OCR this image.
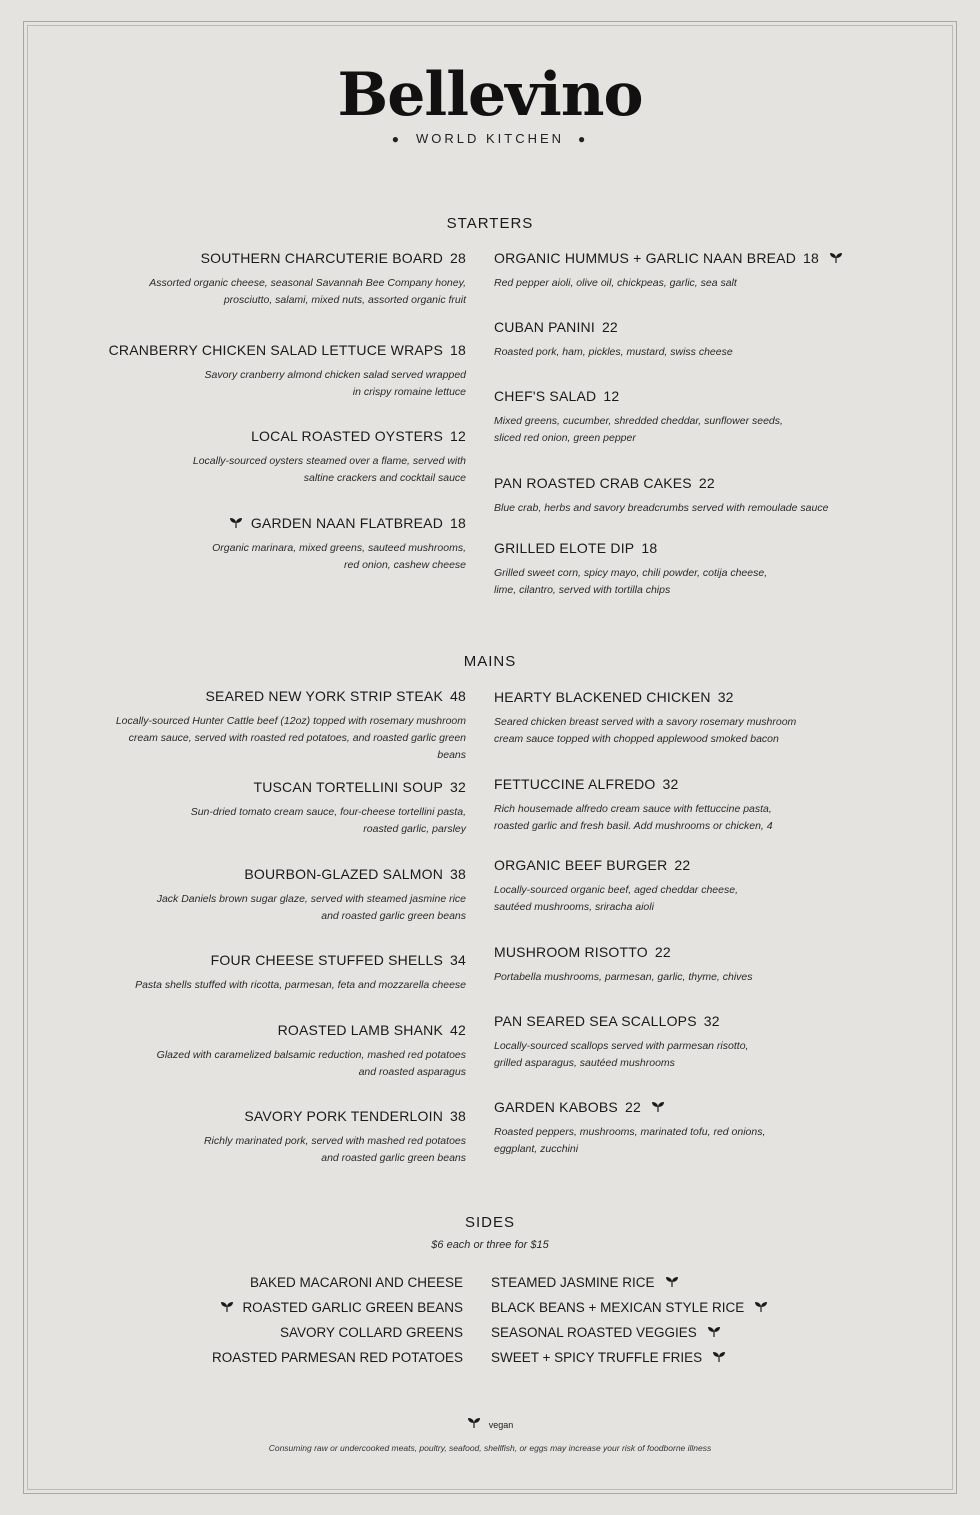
Bellevino
● WORLD KITCHEN ●
STARTERS
SOUTHERN CHARCUTERIE BOARD 28
Assorted organic cheese, seasonal Savannah Bee Company honey,
prosciutto, salami, mixed nuts, assorted organic fruit
CRANBERRY CHICKEN SALAD LETTUCE WRAPS 18
Savory cranberry almond chicken salad served wrapped
in crispy romaine lettuce
LOCAL ROASTED OYSTERS 12
Locally-sourced oysters steamed over a flame, served with
saltine crackers and cocktail sauce
GARDEN NAAN FLATBREAD 18
Organic marinara, mixed greens, sauteed mushrooms,
red onion, cashew cheese
ORGANIC HUMMUS + GARLIC NAAN BREAD 18
Red pepper aioli, olive oil, chickpeas, garlic, sea salt
CUBAN PANINI 22
Roasted pork, ham, pickles, mustard, swiss cheese
CHEF'S SALAD 12
Mixed greens, cucumber, shredded cheddar, sunflower seeds,
sliced red onion, green pepper
PAN ROASTED CRAB CAKES 22
Blue crab, herbs and savory breadcrumbs served with remoulade sauce
GRILLED ELOTE DIP 18
Grilled sweet corn, spicy mayo, chili powder, cotija cheese,
lime, cilantro, served with tortilla chips
MAINS
SEARED NEW YORK STRIP STEAK 48
Locally-sourced Hunter Cattle beef (12oz) topped with rosemary mushroom
cream sauce, served with roasted red potatoes, and roasted garlic green beans
TUSCAN TORTELLINI SOUP 32
Sun-dried tomato cream sauce, four-cheese tortellini pasta,
roasted garlic, parsley
BOURBON-GLAZED SALMON 38
Jack Daniels brown sugar glaze, served with steamed jasmine rice
and roasted garlic green beans
FOUR CHEESE STUFFED SHELLS 34
Pasta shells stuffed with ricotta, parmesan, feta and mozzarella cheese
ROASTED LAMB SHANK 42
Glazed with caramelized balsamic reduction, mashed red potatoes
and roasted asparagus
SAVORY PORK TENDERLOIN 38
Richly marinated pork, served with mashed red potatoes
and roasted garlic green beans
HEARTY BLACKENED CHICKEN 32
Seared chicken breast served with a savory rosemary mushroom
cream sauce topped with chopped applewood smoked bacon
FETTUCCINE ALFREDO 32
Rich housemade alfredo cream sauce with fettuccine pasta,
roasted garlic and fresh basil. Add mushrooms or chicken, 4
ORGANIC BEEF BURGER 22
Locally-sourced organic beef, aged cheddar cheese,
sautéed mushrooms, sriracha aioli
MUSHROOM RISOTTO 22
Portabella mushrooms, parmesan, garlic, thyme, chives
PAN SEARED SEA SCALLOPS 32
Locally-sourced scallops served with parmesan risotto,
grilled asparagus, sautéed mushrooms
GARDEN KABOBS 22
Roasted peppers, mushrooms, marinated tofu, red onions,
eggplant, zucchini
SIDES
$6 each or three for $15
BAKED MACARONI AND CHEESE
ROASTED GARLIC GREEN BEANS
SAVORY COLLARD GREENS
ROASTED PARMESAN RED POTATOES
STEAMED JASMINE RICE
BLACK BEANS + MEXICAN STYLE RICE
SEASONAL ROASTED VEGGIES
SWEET + SPICY TRUFFLE FRIES
vegan
Consuming raw or undercooked meats, poultry, seafood, shellfish, or eggs may increase your risk of foodborne illness
